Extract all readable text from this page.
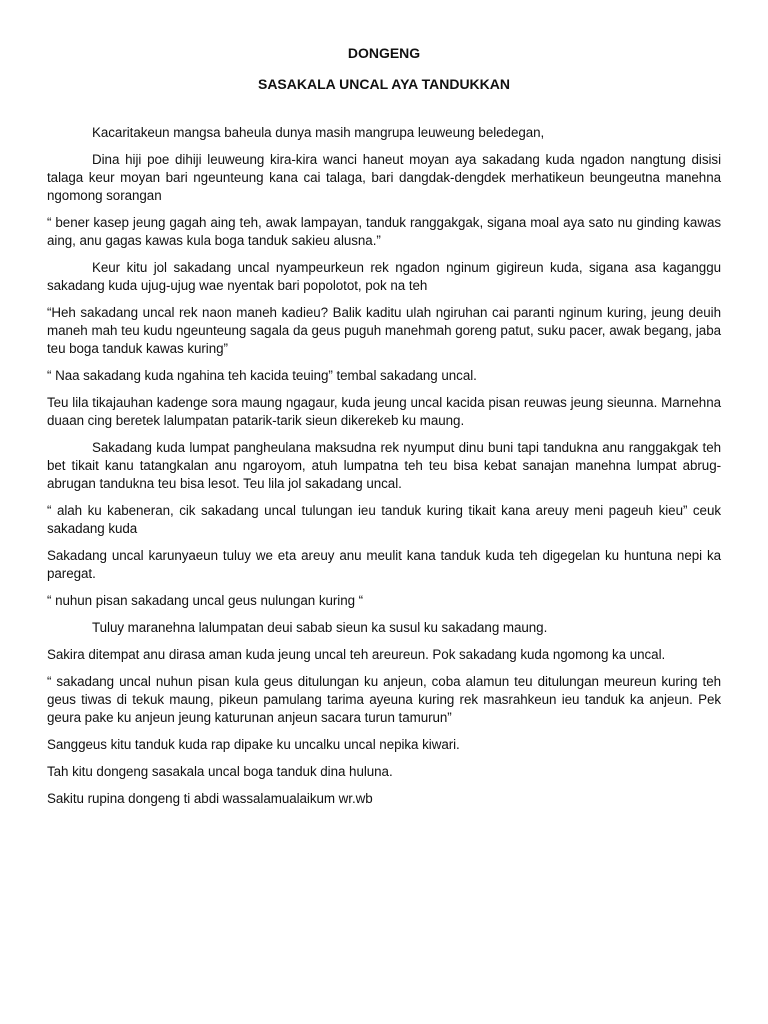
DONGENG
SASAKALA UNCAL AYA TANDUKKAN

Kacaritakeun mangsa baheula dunya masih mangrupa leuweung beledegan,

Dina hiji poe dihiji leuweung kira-kira wanci haneut moyan aya sakadang kuda ngadon nangtung disisi talaga keur moyan bari ngeunteung kana cai talaga, bari dangdak-dengdek merhatikeun beungeutna manehna ngomong sorangan

“ bener kasep jeung gagah aing teh, awak lampayan, tanduk ranggakgak, sigana moal aya sato nu ginding kawas aing, anu gagas kawas kula boga tanduk sakieu alusna.”

Keur kitu jol sakadang uncal nyampeurkeun rek ngadon nginum gigireun kuda, sigana asa kaganggu sakadang kuda ujug-ujug wae nyentak bari popolotot, pok na teh

“Heh sakadang uncal rek naon maneh kadieu? Balik kaditu ulah ngiruhan cai paranti nginum kuring, jeung deuih maneh mah teu kudu ngeunteung sagala da geus puguh manehmah goreng patut, suku pacer, awak begang, jaba teu boga tanduk kawas kuring”

“ Naa sakadang kuda ngahina teh kacida teuing” tembal sakadang uncal.

Teu lila tikajauhan kadenge sora maung ngagaur, kuda jeung uncal kacida pisan reuwas jeung sieunna. Marnehna duaan cing beretek lalumpatan patarik-tarik sieun dikerekeb ku maung.

Sakadang kuda lumpat pangheulana maksudna rek nyumput dinu buni tapi tandukna anu ranggakgak teh bet tikait kanu tatangkalan anu ngaroyom, atuh lumpatna teh teu bisa kebat sanajan manehna lumpat abrug-abrugan tandukna teu bisa lesot. Teu lila jol sakadang uncal.

“ alah ku kabeneran, cik sakadang uncal tulungan ieu tanduk kuring tikait kana areuy meni pageuh kieu” ceuk sakadang kuda

Sakadang uncal karunyaeun tuluy we eta areuy anu meulit kana tanduk kuda teh digegelan ku huntuna nepi ka paregat.

“ nuhun pisan sakadang uncal geus nulungan kuring “

Tuluy maranehna lalumpatan deui sabab sieun ka susul ku sakadang maung.

Sakira ditempat anu dirasa aman kuda jeung uncal teh areureun. Pok sakadang kuda ngomong ka uncal.

“ sakadang uncal nuhun pisan kula geus ditulungan ku anjeun, coba alamun teu ditulungan meureun kuring teh geus tiwas di tekuk maung, pikeun pamulang tarima ayeuna kuring rek masrahkeun ieu tanduk ka anjeun. Pek geura pake ku anjeun jeung katurunan anjeun sacara turun tamurun”

Sanggeus kitu tanduk kuda rap dipake ku uncalku uncal nepika kiwari.

Tah kitu dongeng sasakala uncal boga tanduk dina huluna.

Sakitu rupina dongeng ti abdi wassalamualaikum wr.wb
